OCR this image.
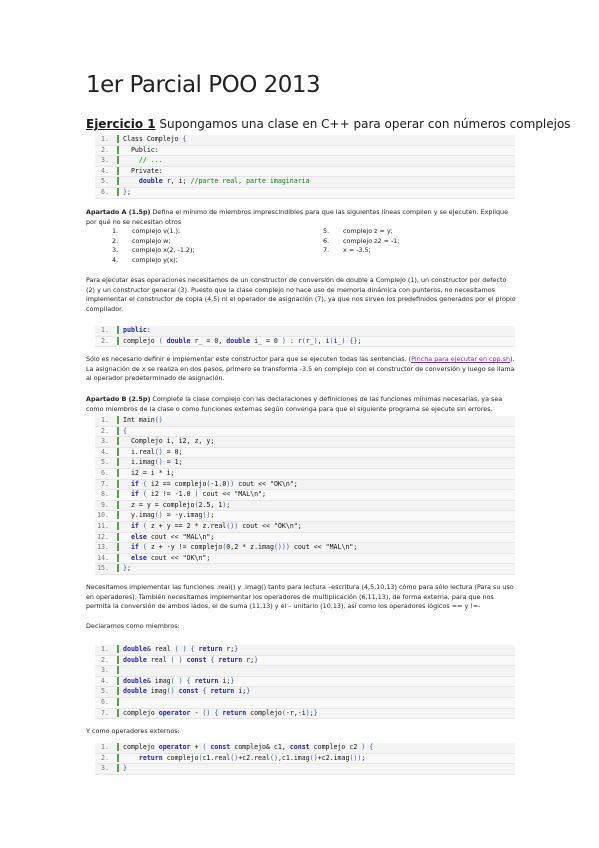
1er Parcial POO 2013
Ejercicio 1 Supongamos una clase en C++ para operar con números complejos
1. Class Complejo {
2.  Public:
3.	// ...
4.  Private:
5.	double r, i; //parte real, parte imaginaria
6. };
Apartado A (1.5p) Defina el mínimo de miembros imprescindibles para que las siguientes líneas compilen y se ejecuten. Explique por qué no se necesitan otros
1. complejo v(1.);
2. complejo w;
3. complejo x(2, -1.2);
4. complejo y(x);
5. complejo z = y;
6. complejo z2 = -1;
7. x = -3.5;
Para ejecutar esas operaciones necesitamos de un constructor de conversión de double a Complejo (1), un constructor por defecto (2) y un constructor general (3). Puesto que la clase complejo no hace uso de memoria dinámica con punteros, no necesitamos implementar el constructor de copia (4,5) ni el operador de asignación (7), ya que nos sirven los predefinidos generados por el propio compilador.
1. public:
2. complejo ( double r_ = 0, double i_ = 0 ) : r(r_), i(i_) {};
Sólo es necesario definir e implementar este constructor para que se ejecuten todas las sentencias. (Pincha para ejecutar en cpp.sh). La asignación de x se realiza en dos pasos, primero se transforma -3.5 en complejo con el constructor de conversión y luego se llama al operador predeterminado de asignación.
Apartado B (2.5p) Complete la clase complejo con las declaraciones y definiciones de las funciones mínimas necesarias, ya sea como miembros de la clase o como funciones externas según convenga para que el siguiente programa se ejecute sin errores.
1. Int main()
2. {
3.  Complejo i, i2, z, y;
4.  i.real() = 0;
5.  i.imag() = 1;
6.  i2 = i * i;
7.	if ( i2 == complejo(-1.0)) cout << "OK\n";
8.	if ( i2 != -1.0 ) cout << "MAL\n";
9.  z = y = complejo(2.5, 1);
10.  y.imag() = -y.imag();
11.	if ( z + y == 2 * z.real()) cout << "OK\n";
12.	else cout << "MAL\n";
13.	if ( z + -y != complejo(0,2 * z.imag())) cout << "MAL\n";
14.	else cout << "OK\n";
15. };
Necesitamos implementar las funciones .real() y .imag() tanto para lectura –escritura (4,5,10,13) cómo para sólo lectura (Para su uso en operadores). También necesitamos implementar los operadores de multiplicación (6,11,13), de forma externa, para que nos permita la conversión de ambos lados, el de suma (11,13) y el – unitario (10,13), así como los operadores lógicos == y !=-
Declaramos como miembros:
1. double& real ( ) { return r;}
2. double real ( ) const { return r;}
3.
4. double& imag( ) { return i;}
5. double imag() const { return i;}
6.
7. complejo operator - () { return complejo(-r,-i);}
Y como operadores externos:
1. complejo operator + ( const complejo& c1, const complejo c2 ) {
2.	return complejo(c1.real()+c2.real(),c1.imag()+c2.imag());
3. }
